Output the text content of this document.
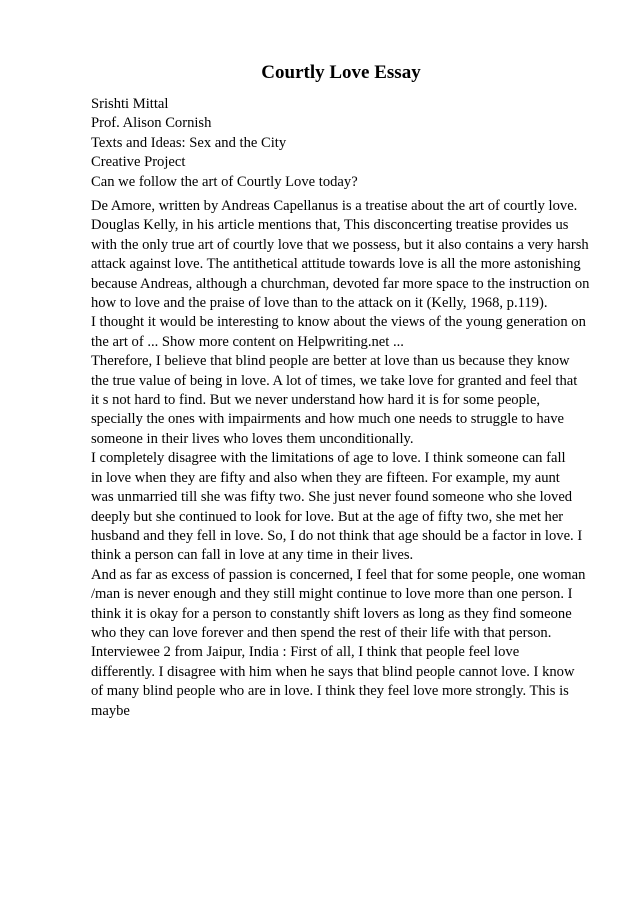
Courtly Love Essay
Srishti Mittal
Prof. Alison Cornish
Texts and Ideas: Sex and the City
Creative Project
Can we follow the art of Courtly Love today?
De Amore, written by Andreas Capellanus is a treatise about the art of courtly love.
Douglas Kelly, in his article mentions that, This disconcerting treatise provides us
with the only true art of courtly love that we possess, but it also contains a very harsh
attack against love. The antithetical attitude towards love is all the more astonishing
because Andreas, although a churchman, devoted far more space to the instruction on
how to love and the praise of love than to the attack on it (Kelly, 1968, p.119).
I thought it would be interesting to know about the views of the young generation on
the art of ... Show more content on Helpwriting.net ...
Therefore, I believe that blind people are better at love than us because they know
the true value of being in love. A lot of times, we take love for granted and feel that
it s not hard to find. But we never understand how hard it is for some people,
specially the ones with impairments and how much one needs to struggle to have
someone in their lives who loves them unconditionally.
I completely disagree with the limitations of age to love. I think someone can fall
in love when they are fifty and also when they are fifteen. For example, my aunt
was unmarried till she was fifty two. She just never found someone who she loved
deeply but she continued to look for love. But at the age of fifty two, she met her
husband and they fell in love. So, I do not think that age should be a factor in love. I
think a person can fall in love at any time in their lives.
And as far as excess of passion is concerned, I feel that for some people, one woman
/man is never enough and they still might continue to love more than one person. I
think it is okay for a person to constantly shift lovers as long as they find someone
who they can love forever and then spend the rest of their life with that person.
Interviewee 2 from Jaipur, India : First of all, I think that people feel love
differently. I disagree with him when he says that blind people cannot love. I know
of many blind people who are in love. I think they feel love more strongly. This is
maybe
